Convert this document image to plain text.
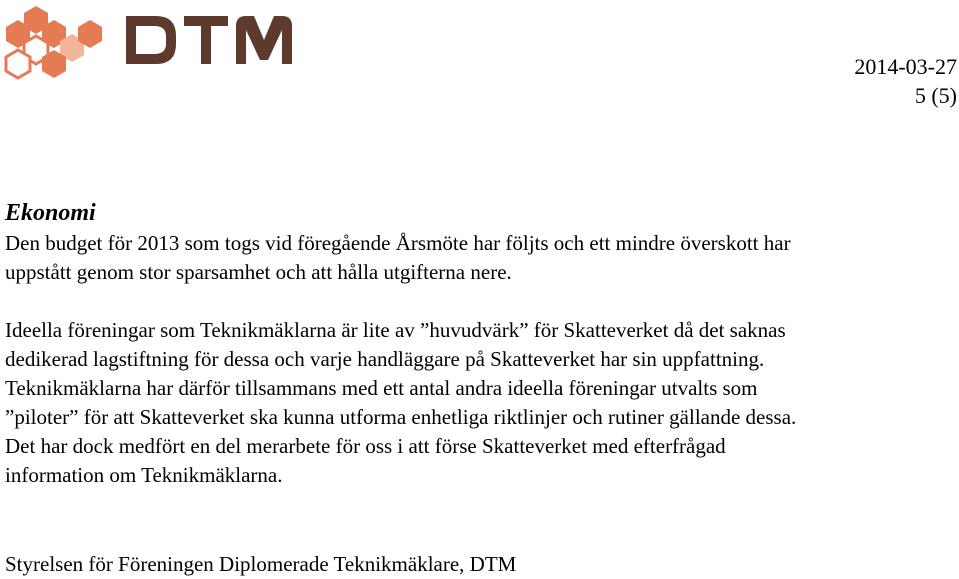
2014-03-27
5 (5)
Ekonomi

Den budget för 2013 som togs vid föregående Årsmöte har följts och ett mindre överskott har
uppstått genom stor sparsamhet och att hålla utgifterna nere.

Ideella föreningar som Teknikmäklarna är lite av ”huvudvärk” för Skatteverket då det saknas
dedikerad lagstiftning för dessa och varje handläggare på Skatteverket har sin uppfattning.
Teknikmäklarna har därför tillsammans med ett antal andra ideella föreningar utvalts som
”piloter” för att Skatteverket ska kunna utforma enhetliga riktlinjer och rutiner gällande dessa.
Det har dock medfört en del merarbete för oss i att förse Skatteverket med efterfrågad
information om Teknikmäklarna.

Styrelsen för Föreningen Diplomerade Teknikmäklare, DTM
